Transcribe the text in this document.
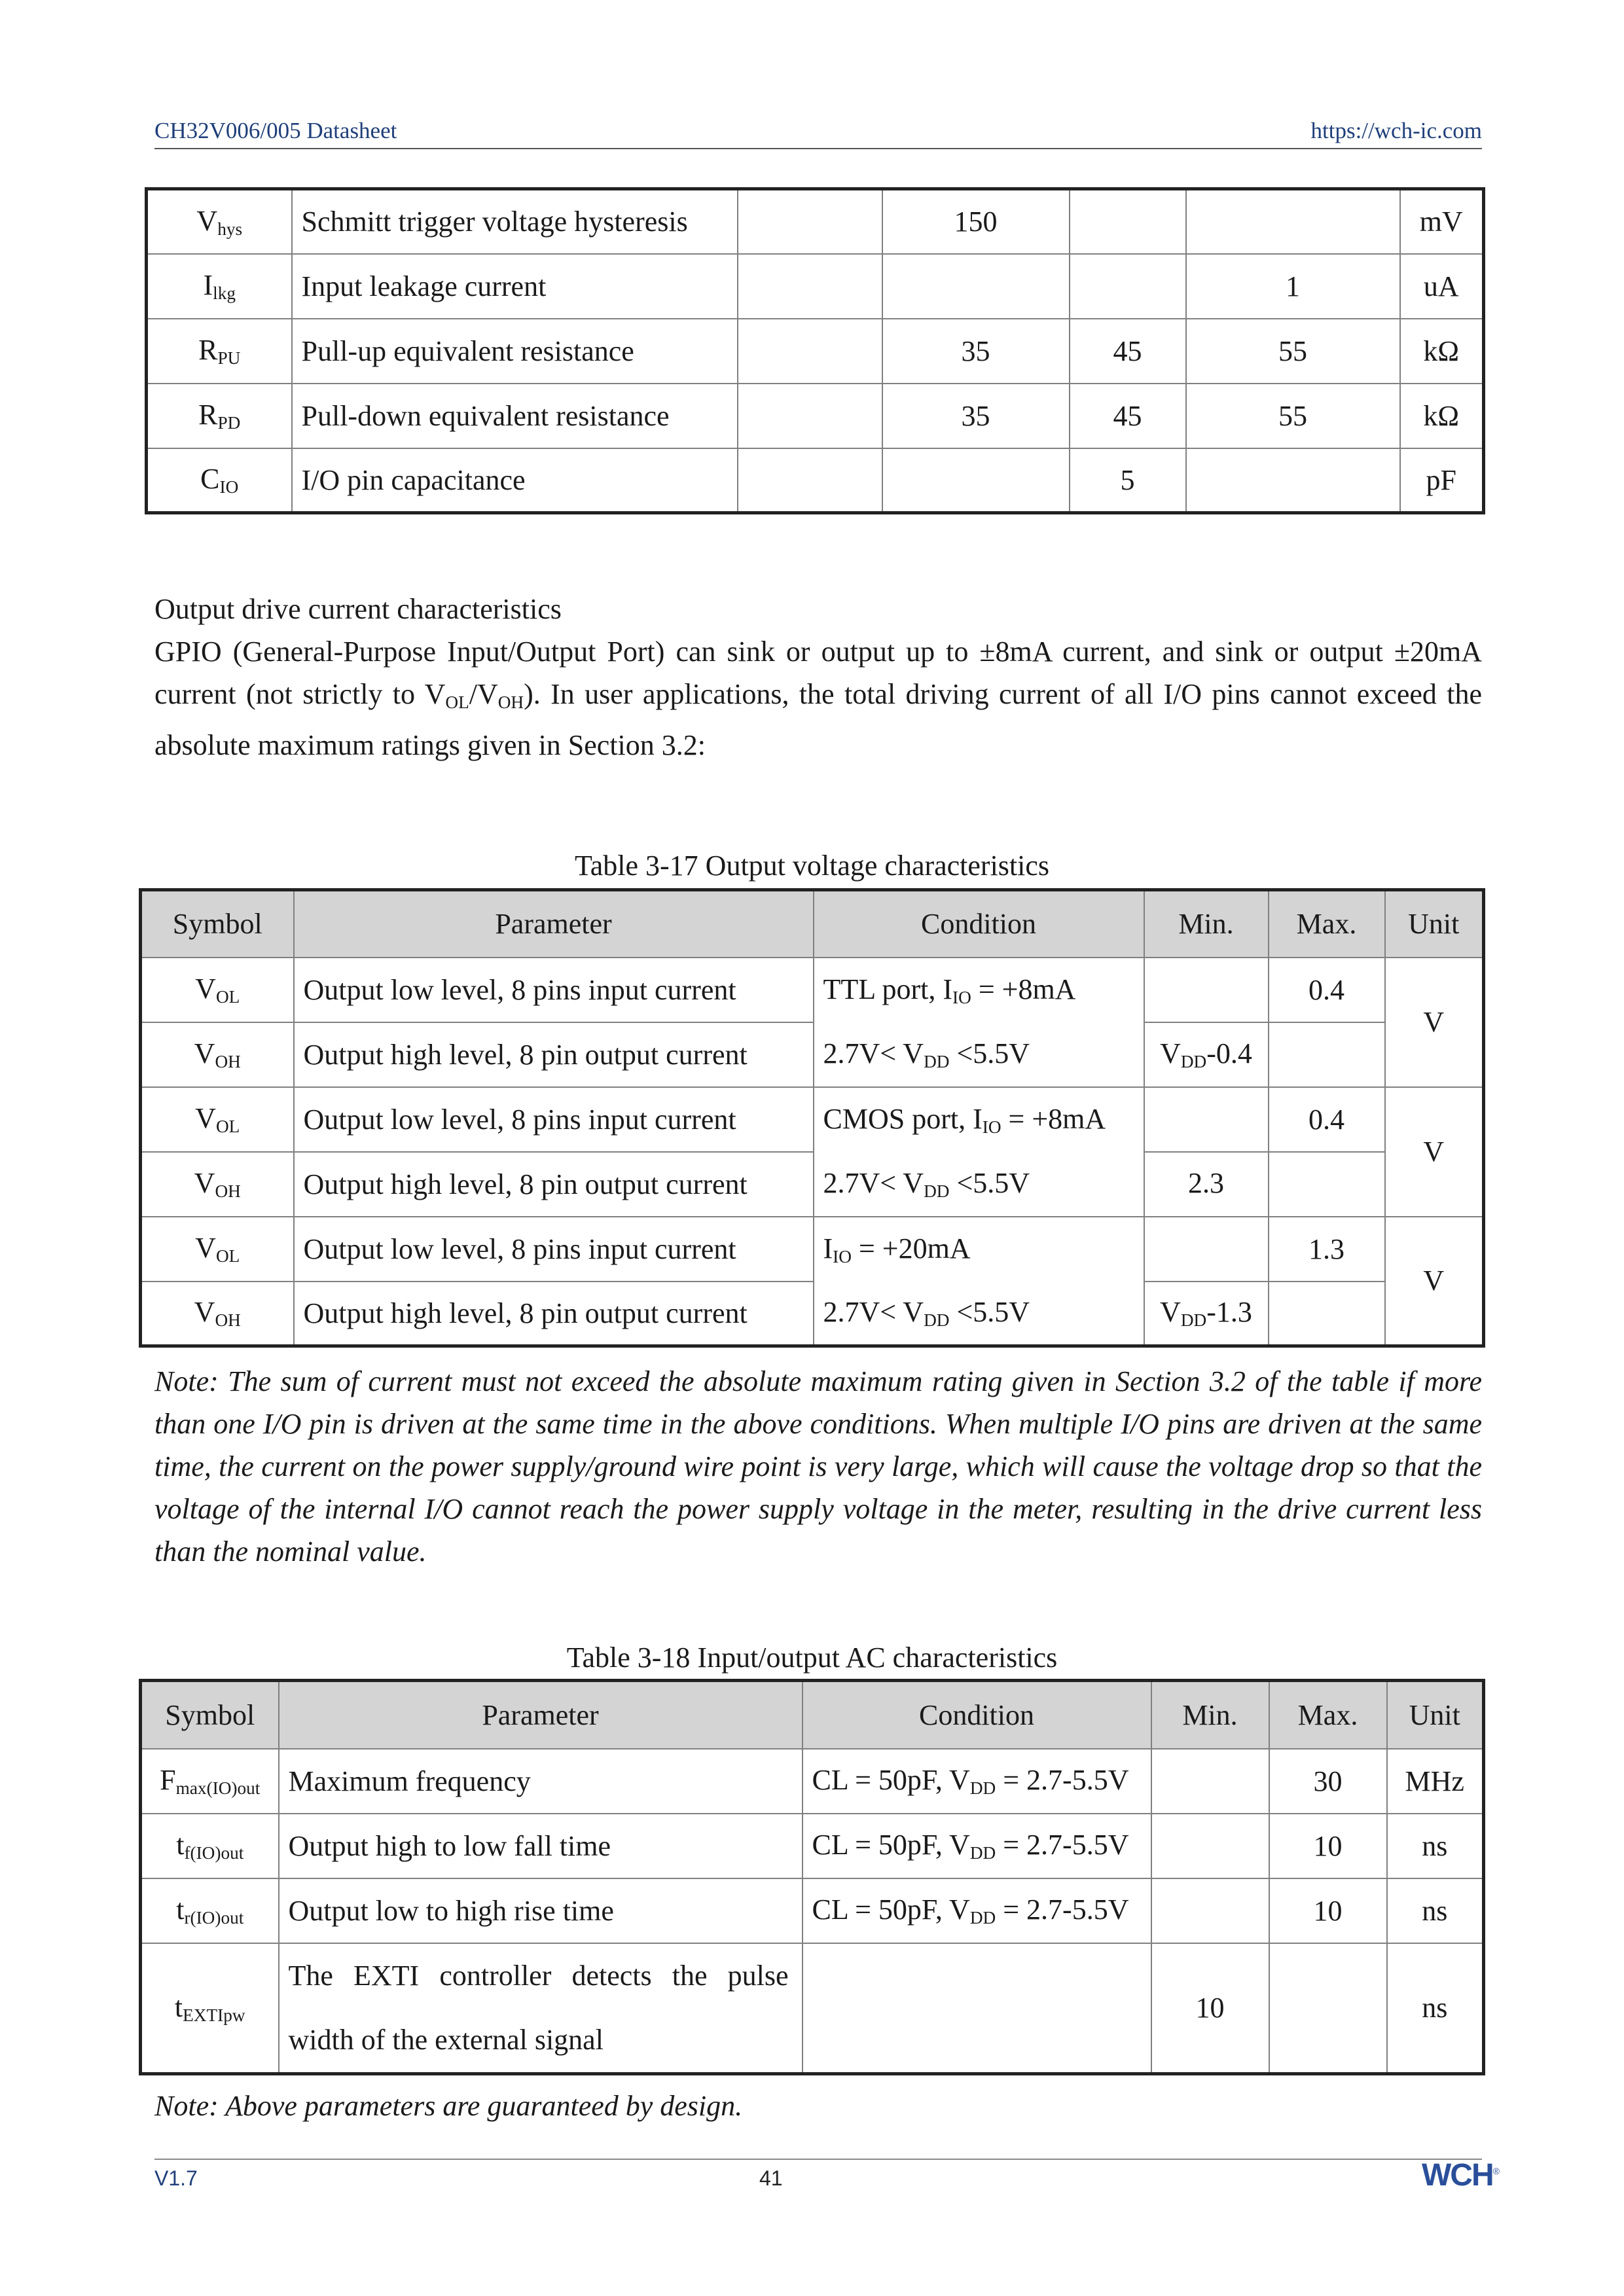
CH32V006/005 Datasheet	https://wch-ic.com
$V_{hys}$	Schmitt trigger voltage hysteresis		150			mV
$I_{lkg}$	Input leakage current				1	uA
$R_{PU}$	Pull-up equivalent resistance		35	45	55	kΩ
$R_{PD}$	Pull-down equivalent resistance		35	45	55	kΩ
$C_{IO}$	I/O pin capacitance			5		pF
Output drive current characteristics
GPIO (General-Purpose Input/Output Port) can sink or output up to ±8mA current, and sink or output ±20mA current (not strictly to $V_{OL}/V_{OH}$). In user applications, the total driving current of all I/O pins cannot exceed the absolute maximum ratings given in Section 3.2:
Table 3-17 Output voltage characteristics
Symbol	Parameter	Condition	Min.	Max.	Unit
$V_{OL}$	Output low level, 8 pins input current	TTL port, $I_{IO} = +8mA$		0.4	V
$V_{OH}$	Output high level, 8 pin output current	$2.7V< V_{DD} <5.5V$	$V_{DD}-0.4$		
$V_{OL}$	Output low level, 8 pins input current	CMOS port, $I_{IO} = +8mA$		0.4	V
$V_{OH}$	Output high level, 8 pin output current	$2.7V< V_{DD} <5.5V$	2.3		
$V_{OL}$	Output low level, 8 pins input current	$I_{IO} = +20mA$		1.3	V
$V_{OH}$	Output high level, 8 pin output current	$2.7V< V_{DD} <5.5V$	$V_{DD}-1.3$		
Note: The sum of current must not exceed the absolute maximum rating given in Section 3.2 of the table if more than one I/O pin is driven at the same time in the above conditions. When multiple I/O pins are driven at the same time, the current on the power supply/ground wire point is very large, which will cause the voltage drop so that the voltage of the internal I/O cannot reach the power supply voltage in the meter, resulting in the drive current less than the nominal value.
Table 3-18 Input/output AC characteristics
Symbol	Parameter	Condition	Min.	Max.	Unit
$F_{max(IO)out}$	Maximum frequency	CL = 50pF, $V_{DD} = 2.7-5.5V$		30	MHz
$t_{f(IO)out}$	Output high to low fall time	CL = 50pF, $V_{DD} = 2.7-5.5V$		10	ns
$t_{r(IO)out}$	Output low to high rise time	CL = 50pF, $V_{DD} = 2.7-5.5V$		10	ns
$t_{EXTIpw}$	The EXTI controller detects the pulse width of the external signal		10		ns
Note: Above parameters are guaranteed by design.
V1.7	41	WCH®
